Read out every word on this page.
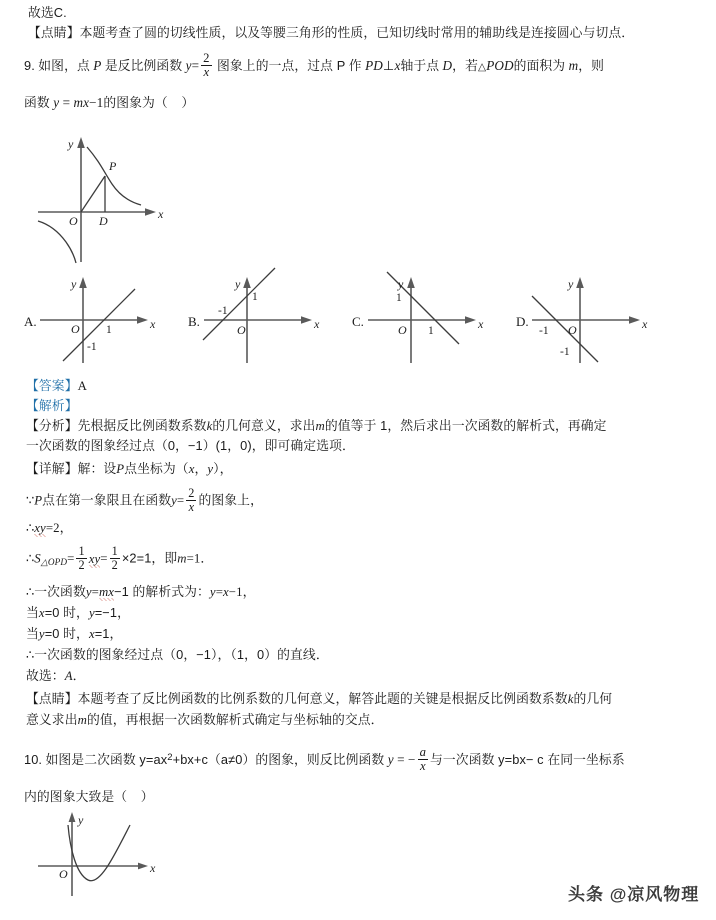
故选C.
【点睛】本题考查了圆的切线性质，以及等腰三角形的性质，已知切线时常用的辅助线是连接圆心与切点．
9. 如图，点 P 是反比例函数 $y= \frac{2}{x}$ 图象上的一点，过点 P 作 PD⊥x轴于点 D，若△POD的面积为 m，则
函数 y = mx−1的图象为（ ）
y
x
O D
P
A.
y
x
O 1
-1
B.
y
x
O
-1
1
C.
y
x
O 1
1
D.
y
x
O
-1
-1
【答案】A
【解析】
【分析】先根据反比例函数系数k的几何意义，求出m的值等于 1，然后求出一次函数的解析式，再确定
一次函数的图象经过点（0，−1）(1，0)，即可确定选项．
【详解】解：设P点坐标为（x，y），
∵P点在第一象限且在函数$y= \frac{2}{x}$ 的图象上，
∴xy=2，
$\therefore S_{\triangle OPD}= \frac{1}{2} xy= \frac{1}{2} \times 2=1$，即m=1．
∴一次函数y=mx−1 的解析式为：y=x−1，
当x=0 时，y=−1，
当y=0 时，x=1，
∴一次函数的图象经过点（0，−1），（1，0）的直线．
故选：A．
【点睛】本题考查了反比例函数的比例系数的几何意义，解答此题的关键是根据反比例函数系数k的几何
意义求出m的值，再根据一次函数解析式确定与坐标轴的交点．
10. 如图是二次函数 $y=ax^2+bx+c(a\ne 0)$的图象，则反比例函数 y = − $\frac{a}{x}$ 与一次函数 y=bx− c 在同一坐标系
内的图象大致是（ ）
y
x
O
头条 @凉风物理
